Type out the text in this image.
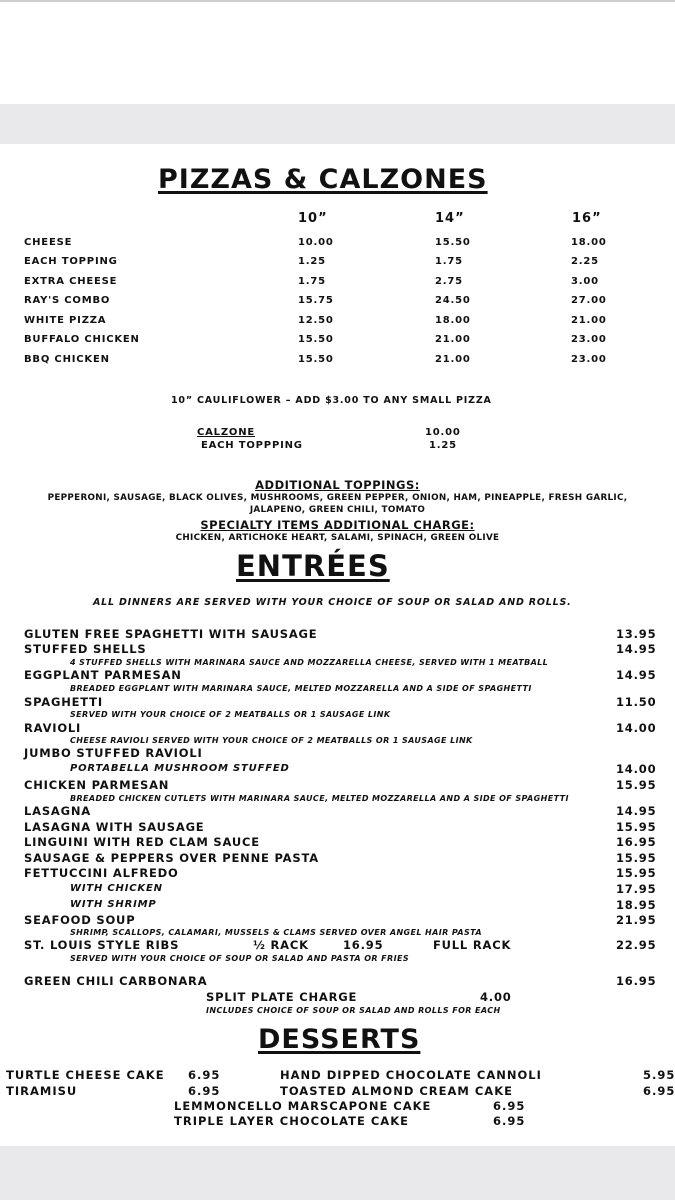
PIZZAS & CALZONES
10”	14”	16”
CHEESE	10.00	15.50	18.00
EACH TOPPING	1.25	1.75	2.25
EXTRA CHEESE	1.75	2.75	3.00
RAY'S COMBO	15.75	24.50	27.00
WHITE PIZZA	12.50	18.00	21.00
BUFFALO CHICKEN	15.50	21.00	23.00
BBQ CHICKEN	15.50	21.00	23.00
10” CAULIFLOWER – ADD $3.00 TO ANY SMALL PIZZA
CALZONE	10.00
EACH TOPPPING	1.25
ADDITIONAL TOPPINGS:
PEPPERONI, SAUSAGE, BLACK OLIVES, MUSHROOMS, GREEN PEPPER, ONION, HAM, PINEAPPLE, FRESH GARLIC,
JALAPENO, GREEN CHILI, TOMATO
SPECIALTY ITEMS ADDITIONAL CHARGE:
CHICKEN, ARTICHOKE HEART, SALAMI, SPINACH, GREEN OLIVE
ENTRÉES
ALL DINNERS ARE SERVED WITH YOUR CHOICE OF SOUP OR SALAD AND ROLLS.
GLUTEN FREE SPAGHETTI WITH SAUSAGE	13.95
STUFFED SHELLS	14.95
4 STUFFED SHELLS WITH MARINARA SAUCE AND MOZZARELLA CHEESE, SERVED WITH 1 MEATBALL
EGGPLANT PARMESAN	14.95
BREADED EGGPLANT WITH MARINARA SAUCE, MELTED MOZZARELLA AND A SIDE OF SPAGHETTI
SPAGHETTI	11.50
SERVED WITH YOUR CHOICE OF 2 MEATBALLS OR 1 SAUSAGE LINK
RAVIOLI	14.00
CHEESE RAVIOLI SERVED WITH YOUR CHOICE OF 2 MEATBALLS OR 1 SAUSAGE LINK
JUMBO STUFFED RAVIOLI
PORTABELLA MUSHROOM STUFFED	14.00
CHICKEN PARMESAN	15.95
BREADED CHICKEN CUTLETS WITH MARINARA SAUCE, MELTED MOZZARELLA AND A SIDE OF SPAGHETTI
LASAGNA	14.95
LASAGNA WITH SAUSAGE	15.95
LINGUINI WITH RED CLAM SAUCE	16.95
SAUSAGE & PEPPERS OVER PENNE PASTA	15.95
FETTUCCINI ALFREDO	15.95
WITH CHICKEN	17.95
WITH SHRIMP	18.95
SEAFOOD SOUP	21.95
SHRIMP, SCALLOPS, CALAMARI, MUSSELS & CLAMS SERVED OVER ANGEL HAIR PASTA
ST. LOUIS STYLE RIBS	½ RACK	16.95	FULL RACK	22.95
SERVED WITH YOUR CHOICE OF SOUP OR SALAD AND PASTA OR FRIES
GREEN CHILI CARBONARA	16.95
SPLIT PLATE CHARGE	4.00
INCLUDES CHOICE OF SOUP OR SALAD AND ROLLS FOR EACH
DESSERTS
TURTLE CHEESE CAKE 6.95	HAND DIPPED CHOCOLATE CANNOLI	5.95
TIRAMISU	6.95	TOASTED ALMOND CREAM CAKE	6.95
LEMMONCELLO MARSCAPONE CAKE	6.95
TRIPLE LAYER CHOCOLATE CAKE	6.95
